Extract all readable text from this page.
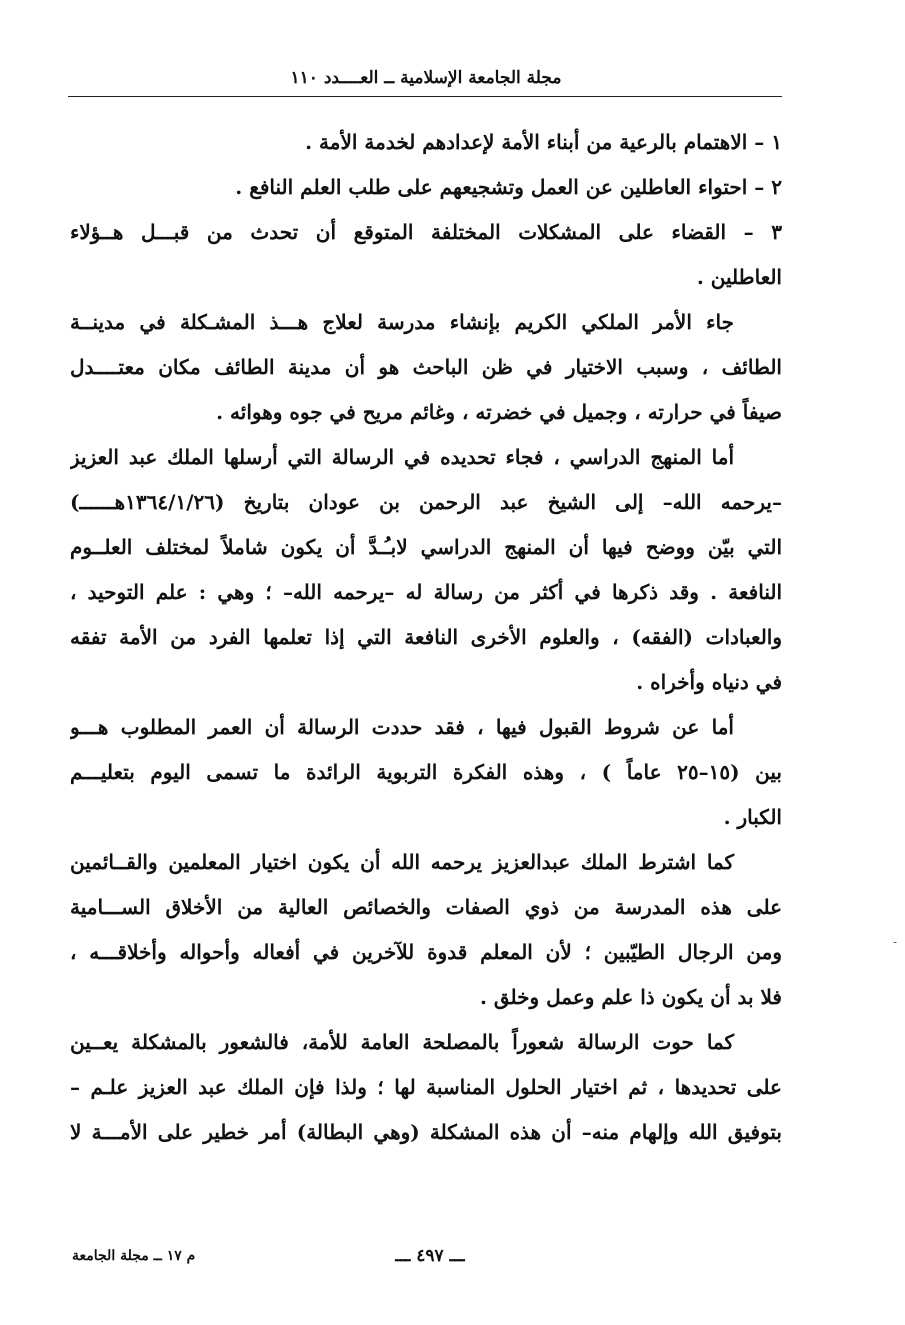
مجلة الجامعة الإسلامية ــ العــــدد ١١٠
١ – الاهتمام بالرعية من أبناء الأمة لإعدادهم لخدمة الأمة .
٢ – احتواء العاطلين عن العمل وتشجيعهم على طلب العلم النافع .
٣ – القضاء على المشكلات المختلفة المتوقع أن تحدث من قبـــل هــؤلاء
العاطلين .
جاء الأمر الملكي الكريم بإنشاء مدرسة لعلاج هـــذ المشـكلة في مدينــة
الطائف ، وسبب الاختيار في ظن الباحث هو أن مدينة الطائف مكان معتــــدل
صيفاً في حرارته ، وجميل في خضرته ، وغائم مريح في جوه وهوائه .
أما المنهج الدراسي ، فجاء تحديده في الرسالة التي أرسلها الملك عبد العزيز
–يرحمه الله– إلى الشيخ عبد الرحمن بن عودان بتاريخ (١٣٦٤/١/٢٦هــــــ)
التي بيّن ووضح فيها أن المنهج الدراسي لابـُـدَّ أن يكون شاملاً لمختلف العلــوم
النافعة . وقد ذكرها في أكثر من رسالة له –يرحمه الله– ؛ وهي : علم التوحيد ،
والعبادات (الفقه) ، والعلوم الأخرى النافعة التي إذا تعلمها الفرد من الأمة تفقه
في دنياه وأخراه .
أما عن شروط القبول فيها ، فقد حددت الرسالة أن العمر المطلوب هـــو
بين (١٥–٢٥ عاماً ) ، وهذه الفكرة التربوية الرائدة ما تسمى اليوم بتعليـــم
الكبار .
كما اشترط الملك عبدالعزيز يرحمه الله أن يكون اختيار المعلمين والقــائمين
على هذه المدرسة من ذوي الصفات والخصائص العالية من الأخلاق الســـامية
ومن الرجال الطيّبين ؛ لأن المعلم قدوة للآخرين في أفعاله وأحواله وأخلاقـــه ،
فلا بد أن يكون ذا علم وعمل وخلق .
كما حوت الرسالة شعوراً بالمصلحة العامة للأمة، فالشعور بالمشكلة يعــين
على تحديدها ، ثم اختيار الحلول المناسبة لها ؛ ولذا فإن الملك عبد العزيز علـم –
بتوفيق الله وإلهام منه– أن هذه المشكلة (وهي البطالة) أمر خطير على الأمـــة لا
-
م ١٧ ــ مجلة الجامعة	ـــ ٤٩٧ ـــ
